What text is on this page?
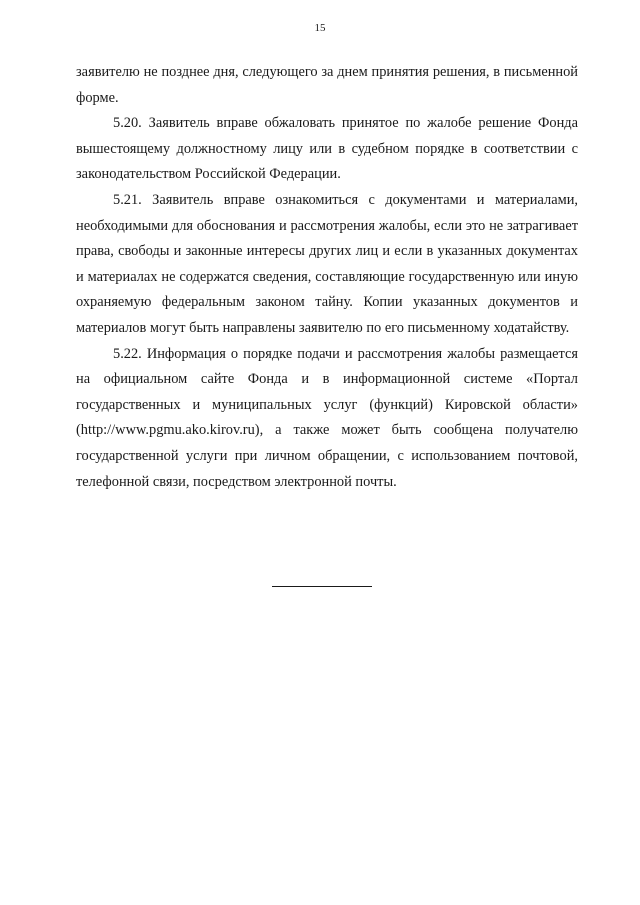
15

заявителю не позднее дня, следующего за днем принятия решения, в письменной форме.

5.20. Заявитель вправе обжаловать принятое по жалобе решение Фонда вышестоящему должностному лицу или в судебном порядке в соответствии с законодательством Российской Федерации.

5.21. Заявитель вправе ознакомиться с документами и материалами, необходимыми для обоснования и рассмотрения жалобы, если это не затрагивает права, свободы и законные интересы других лиц и если в указанных документах и материалах не содержатся сведения, составляющие государственную или иную охраняемую федеральным законом тайну. Копии указанных документов и материалов могут быть направлены заявителю по его письменному ходатайству.

5.22. Информация о порядке подачи и рассмотрения жалобы размещается на официальном сайте Фонда и в информационной системе «Портал государственных и муниципальных услуг (функций) Кировской области» (http://www.pgmu.ako.kirov.ru), а также может быть сообщена получателю государственной услуги при личном обращении, с использованием почтовой, телефонной связи, посредством электронной почты.
